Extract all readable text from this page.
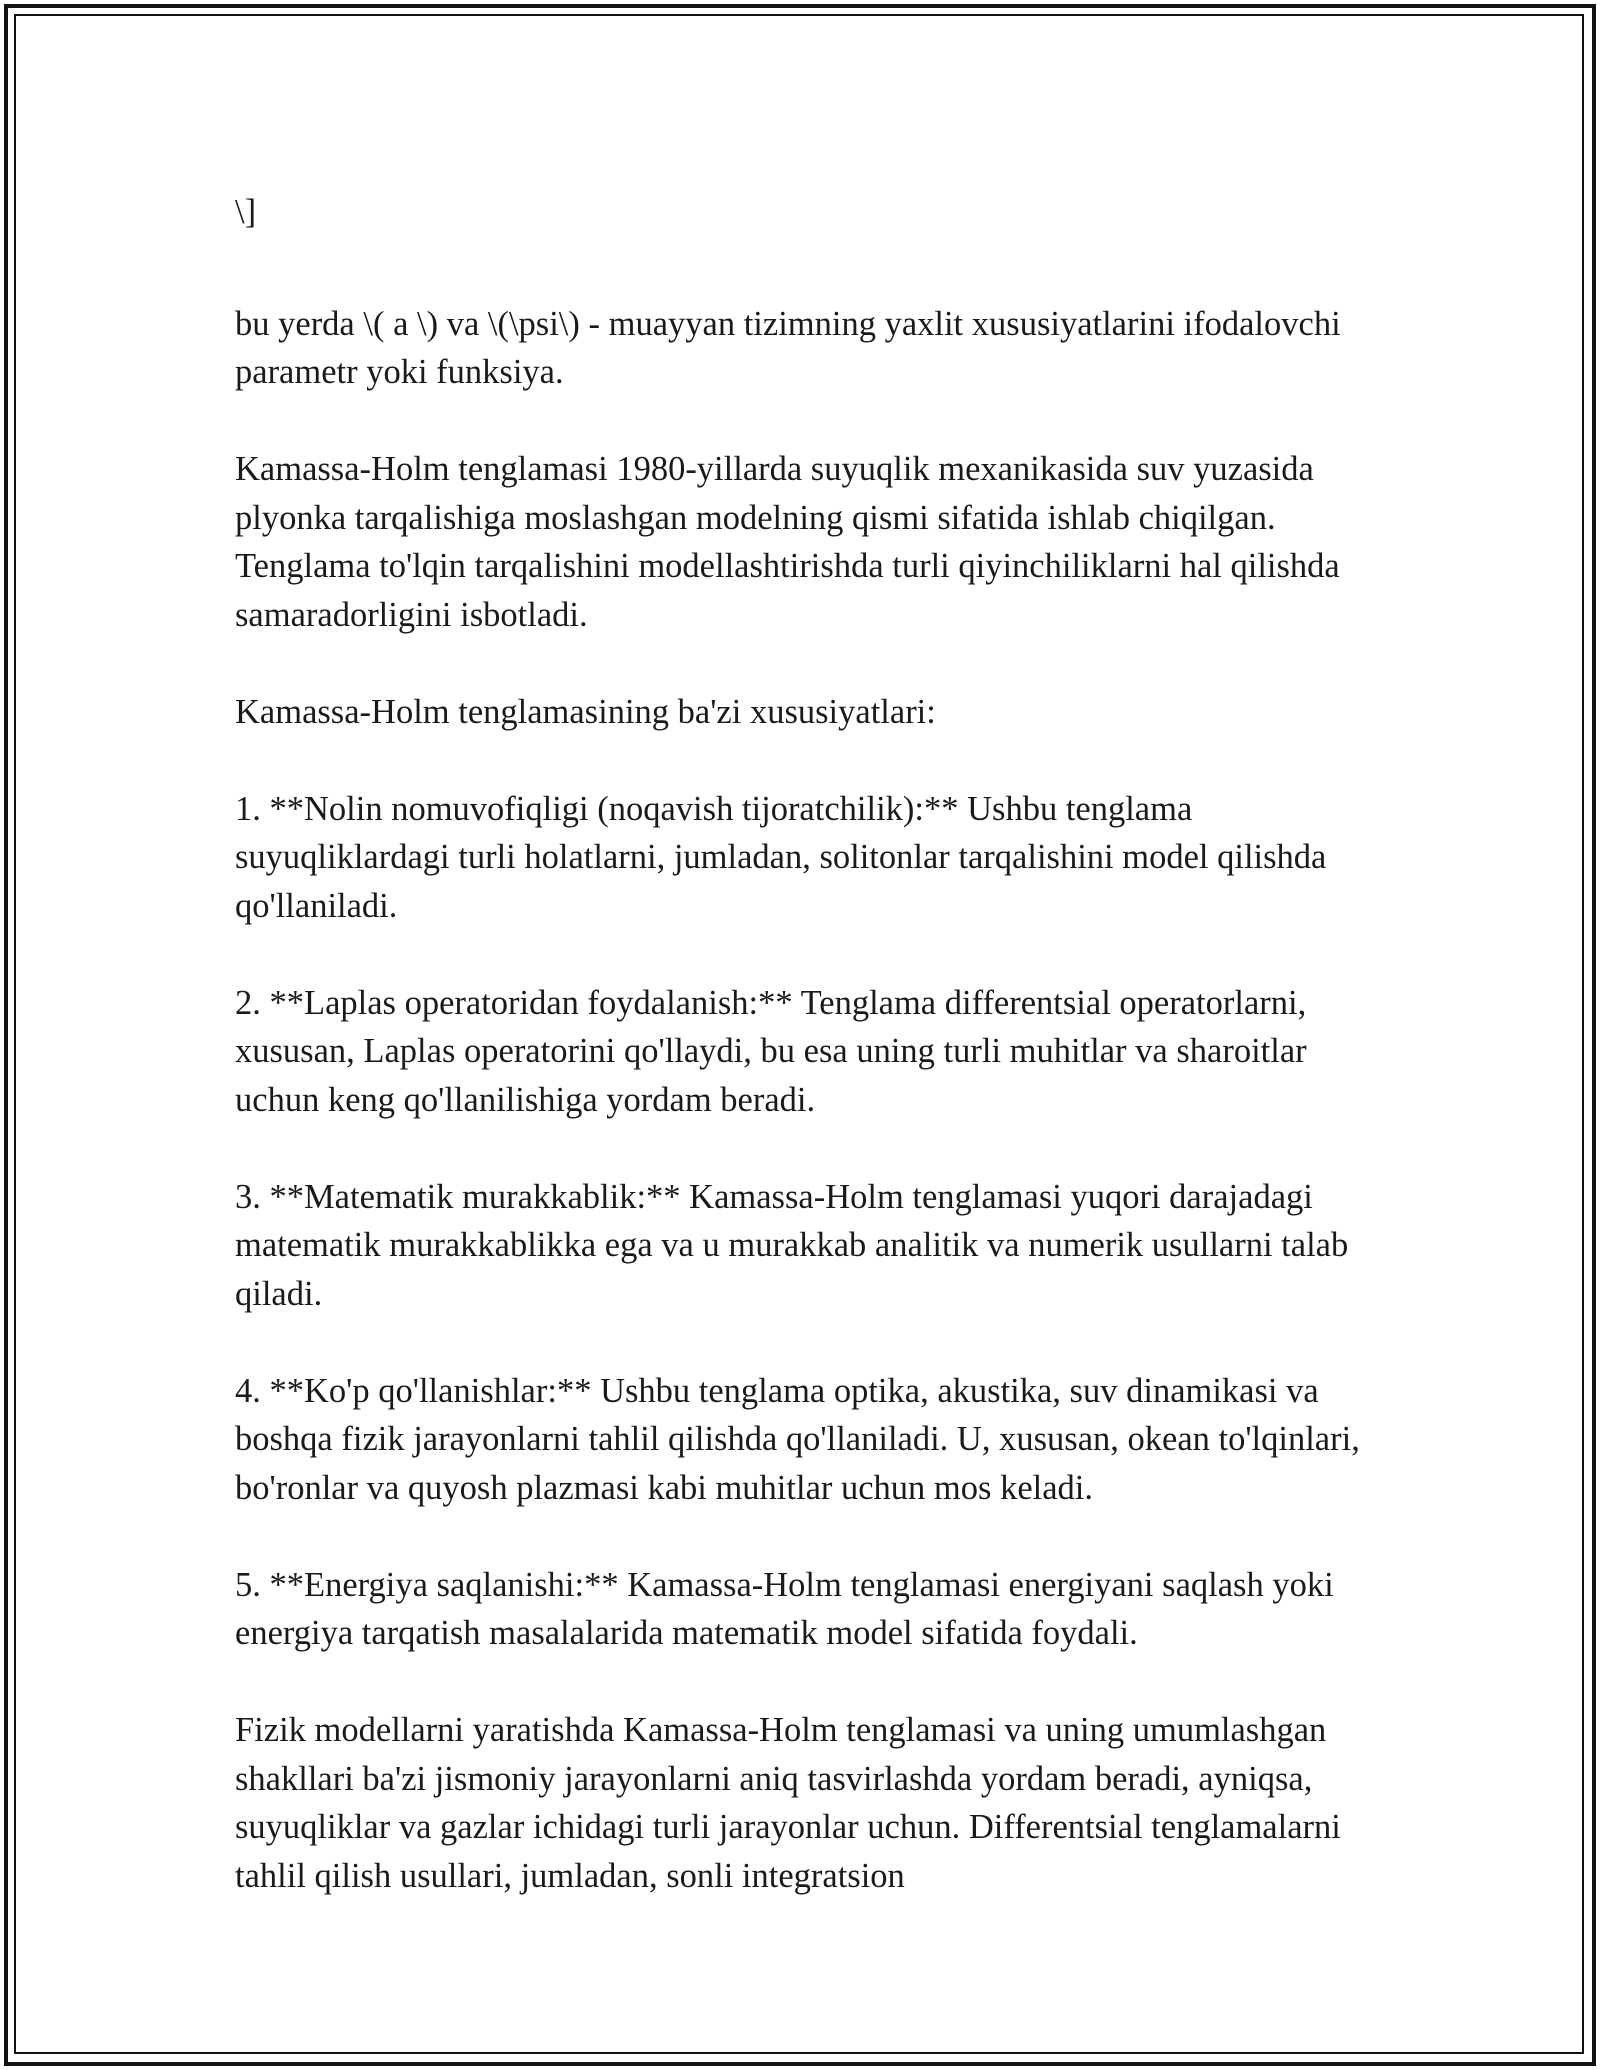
\]

bu yerda \( a \) va \(\psi\) - muayyan tizimning yaxlit xususiyatlarini ifodalovchi parametr yoki funksiya.

Kamassa-Holm tenglamasi 1980-yillarda suyuqlik mexanikasida suv yuzasida plyonka tarqalishiga moslashgan modelning qismi sifatida ishlab chiqilgan. Tenglama to'lqin tarqalishini modellashtirishda turli qiyinchiliklarni hal qilishda samaradorligini isbotladi.

Kamassa-Holm tenglamasining ba'zi xususiyatlari:

1. **Nolin nomuvofiqligi (noqavish tijoratchilik):** Ushbu tenglama suyuqliklardagi turli holatlarni, jumladan, solitonlar tarqalishini model qilishda qo'llaniladi.

2. **Laplas operatoridan foydalanish:** Tenglama differentsial operatorlarni, xususan, Laplas operatorini qo'llaydi, bu esa uning turli muhitlar va sharoitlar uchun keng qo'llanilishiga yordam beradi.

3. **Matematik murakkablik:** Kamassa-Holm tenglamasi yuqori darajadagi matematik murakkablikka ega va u murakkab analitik va numerik usullarni talab qiladi.

4. **Ko'p qo'llanishlar:** Ushbu tenglama optika, akustika, suv dinamikasi va boshqa fizik jarayonlarni tahlil qilishda qo'llaniladi. U, xususan, okean to'lqinlari, bo'ronlar va quyosh plazmasi kabi muhitlar uchun mos keladi.

5. **Energiya saqlanishi:** Kamassa-Holm tenglamasi energiyani saqlash yoki energiya tarqatish masalalarida matematik model sifatida foydali.

Fizik modellarni yaratishda Kamassa-Holm tenglamasi va uning umumlashgan shakllari ba'zi jismoniy jarayonlarni aniq tasvirlashda yordam beradi, ayniqsa, suyuqliklar va gazlar ichidagi turli jarayonlar uchun. Differentsial tenglamalarni tahlil qilish usullari, jumladan, sonli integratsion
